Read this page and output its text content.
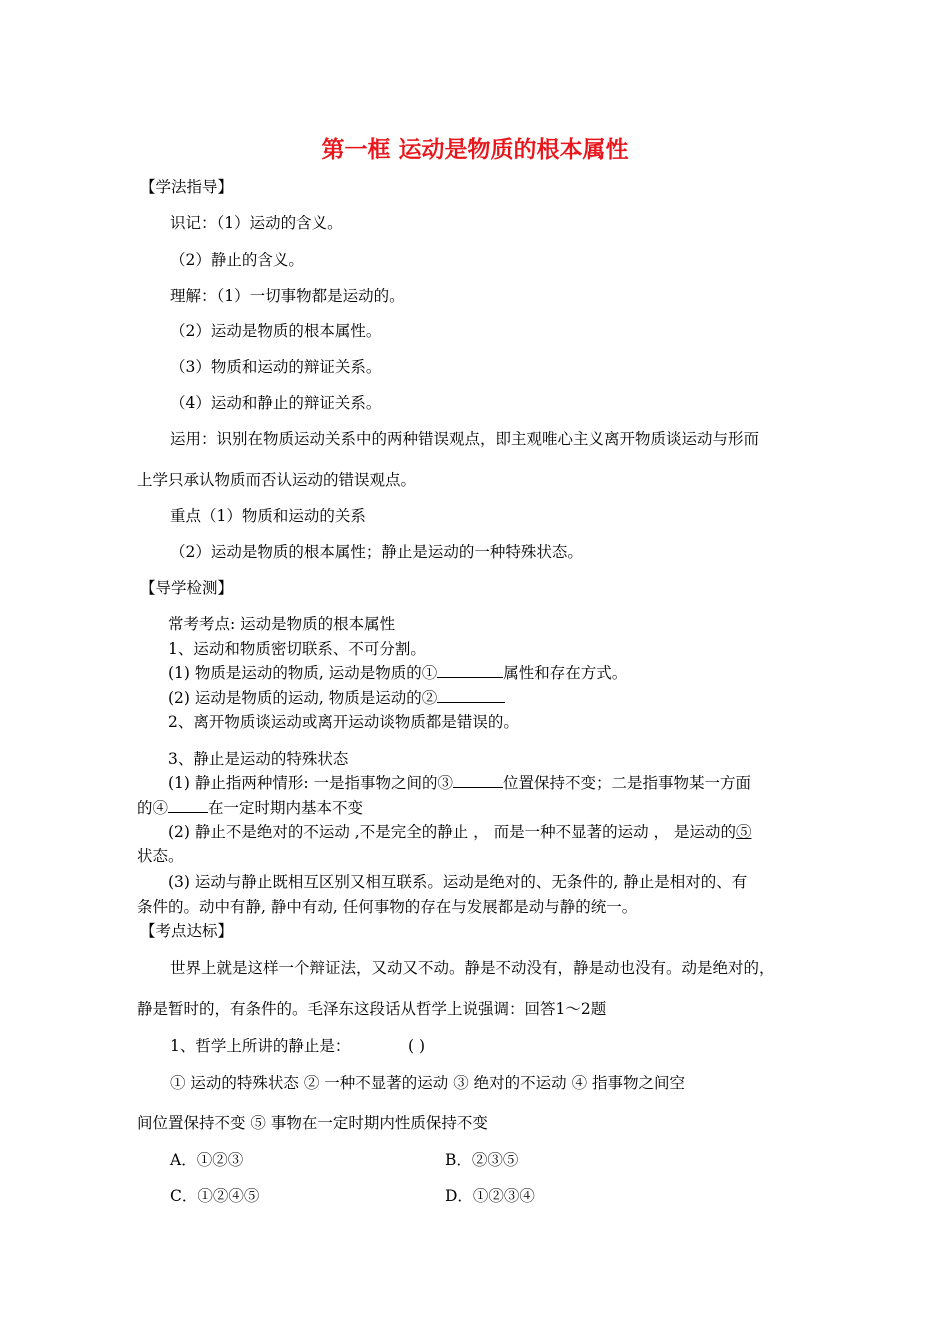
第一框 运动是物质的根本属性
【学法指导】
识记：（1）运动的含义。
（2）静止的含义。
理解：（1）一切事物都是运动的。
（2）运动是物质的根本属性。
（3）物质和运动的辩证关系。
（4）运动和静止的辩证关系。
运用：识别在物质运动关系中的两种错误观点，即主观唯心主义离开物质谈运动与形而
上学只承认物质而否认运动的错误观点。
重点（1）物质和运动的关系
（2）运动是物质的根本属性；静止是运动的一种特殊状态。
【导学检测】
常考考点: 运动是物质的根本属性
1、运动和物质密切联系、不可分割。
(1) 物质是运动的物质, 运动是物质的①	属性和存在方式。
(2) 运动是物质的运动, 物质是运动的②
2、离开物质谈运动或离开运动谈物质都是错误的。
3、静止是运动的特殊状态
(1) 静止指两种情形: 一是指事物之间的③	位置保持不变；二是指事物某一方面
的④	在一定时期内基本不变
(2) 静止不是绝对的不运动 ,不是完全的静止 ， 而是一种不显著的运动 ， 是运动的⑤
状态。
(3) 运动与静止既相互区别又相互联系。运动是绝对的、无条件的, 静止是相对的、有
条件的。动中有静, 静中有动, 任何事物的存在与发展都是动与静的统一。
【考点达标】
世界上就是这样一个辩证法，又动又不动。静是不动没有，静是动也没有。动是绝对的，
静是暂时的，有条件的。毛泽东这段话从哲学上说强调：回答1～2题
1、哲学上所讲的静止是：	( )
① 运动的特殊状态 ② 一种不显著的运动 ③ 绝对的不运动 ④ 指事物之间空
间位置保持不变 ⑤ 事物在一定时期内性质保持不变
A．①②③	B．②③⑤
C．①②④⑤	D．①②③④
